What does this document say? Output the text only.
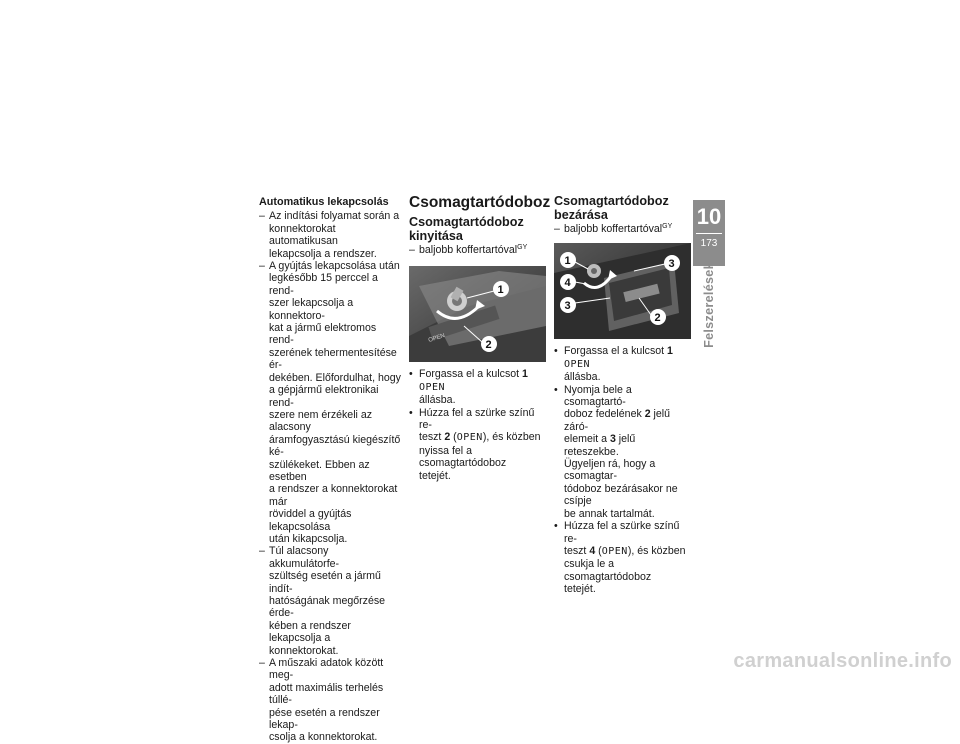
Automatikus lekapcsolás
– Az indítási folyamat során a
konnektorokat automatikusan
lekapcsolja a rendszer.
– A gyújtás lekapcsolása után
legkésőbb 15 perccel a rend-
szer lekapcsolja a konnektoro-
kat a jármű elektromos rend-
szerének tehermentesítése ér-
dekében. Előfordulhat, hogy
a gépjármű elektronikai rend-
szere nem érzékeli az alacsony
áramfogyasztású kiegészítő ké-
szülékeket. Ebben az esetben
a rendszer a konnektorokat már
röviddel a gyújtás lekapcsolása
után kikapcsolja.
– Túl alacsony akkumulátorfe-
szültség esetén a jármű indít-
hatóságának megőrzése érde-
kében a rendszer lekapcsolja a
konnektorokat.
– A műszaki adatok között meg-
adott maximális terhelés túllé-
pése esetén a rendszer lekap-
csolja a konnektorokat.
Csomagtartódoboz
Csomagtartódoboz
kinyitása
– baljobb koffertartóval$^{GY}$
OPEN
1
2
• Forgassa el a kulcsot 1 OPEN
állásba.
• Húzza fel a szürke színű re-
teszt 2 (OPEN), és közben
nyissa fel a csomagtartódoboz
tetejét.
Csomagtartódoboz
bezárása
– baljobb koffertartóval$^{GY}$
1
4
3
3
2
• Forgassa el a kulcsot 1 OPEN
állásba.
• Nyomja bele a csomagtartó-
doboz fedelének 2 jelű záró-
elemeit a 3 jelű reteszekbe.
Ügyeljen rá, hogy a csomagtar-
tódoboz bezárásakor ne csípje
be annak tartalmát.
• Húzza fel a szürke színű re-
teszt 4 (OPEN), és közben
csukja le a csomagtartódoboz
tetejét.
10
173
Felszerelések
carmanualsonline.info
